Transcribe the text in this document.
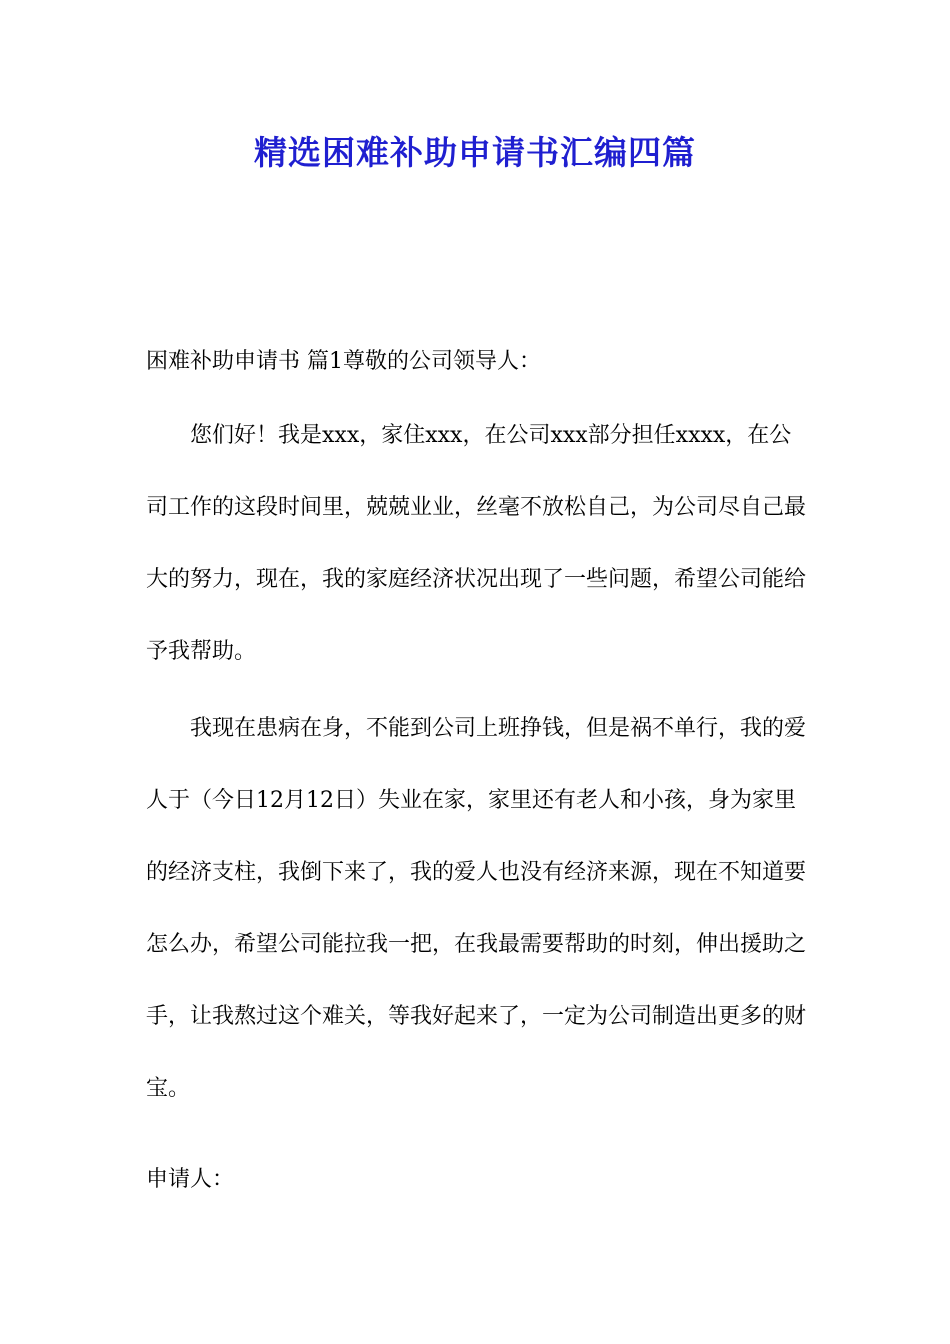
精选困难补助申请书汇编四篇
困难补助申请书 篇1尊敬的公司领导人：

您们好！我是xxx，家住xxx，在公司xxx部分担任xxxx，在公司工作的这段时间里，兢兢业业，丝毫不放松自己，为公司尽自己最大的努力，现在，我的家庭经济状况出现了一些问题，希望公司能给予我帮助。

我现在患病在身，不能到公司上班挣钱，但是祸不单行，我的爱人于（今日12月12日）失业在家，家里还有老人和小孩，身为家里的经济支柱，我倒下来了，我的爱人也没有经济来源，现在不知道要怎么办，希望公司能拉我一把，在我最需要帮助的时刻，伸出援助之手，让我熬过这个难关，等我好起来了，一定为公司制造出更多的财宝。

申请人：
